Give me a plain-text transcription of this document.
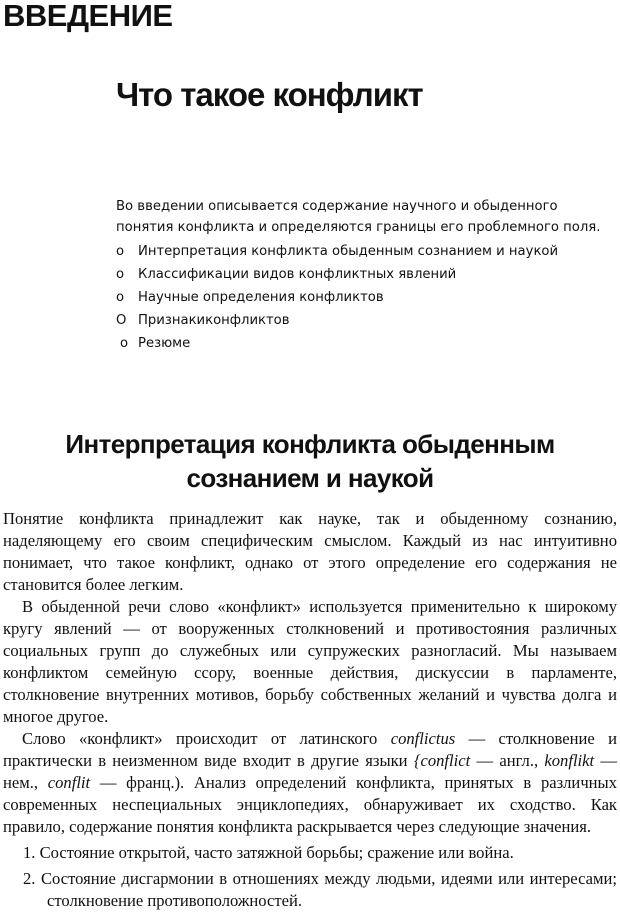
ВВЕДЕНИЕ
Что такое конфликт

Во введении описывается содержание научного и обыденного понятия конфликта и определяются границы его проблемного поля.

o Интерпретация конфликта обыденным сознанием и наукой
o Классификации видов конфликтных явлений
o Научные определения конфликтов
O Признакиконфликтов
o Резюме
Интерпретация конфликта обыденным
сознанием и наукой

Понятие конфликта принадлежит как науке, так и обыденному сознанию, наделяющему его своим специфическим смыслом. Каждый из нас интуитивно понимает, что такое конфликт, однако от этого определение его содержания не становится более легким.

В обыденной речи слово «конфликт» используется применительно к широкому кругу явлений — от вооруженных столкновений и противостояния различных социальных групп до служебных или супружеских разногласий. Мы называем конфликтом семейную ссору, военные действия, дискуссии в парламенте, столкновение внутренних мотивов, борьбу собственных желаний и чувства долга и многое другое.

Слово «конфликт» происходит от латинского conflictus — столкновение и практически в неизменном виде входит в другие языки {conflict — англ., konflikt — нем., conflit — франц.). Анализ определений конфликта, принятых в различных современных неспециальных энциклопедиях, обнаруживает их сходство. Как правило, содержание понятия конфликта раскрывается через следующие значения.

1. Состояние открытой, часто затяжной борьбы; сражение или война.
2. Состояние дисгармонии в отношениях между людьми, идеями или интересами; столкновение противоположностей.
